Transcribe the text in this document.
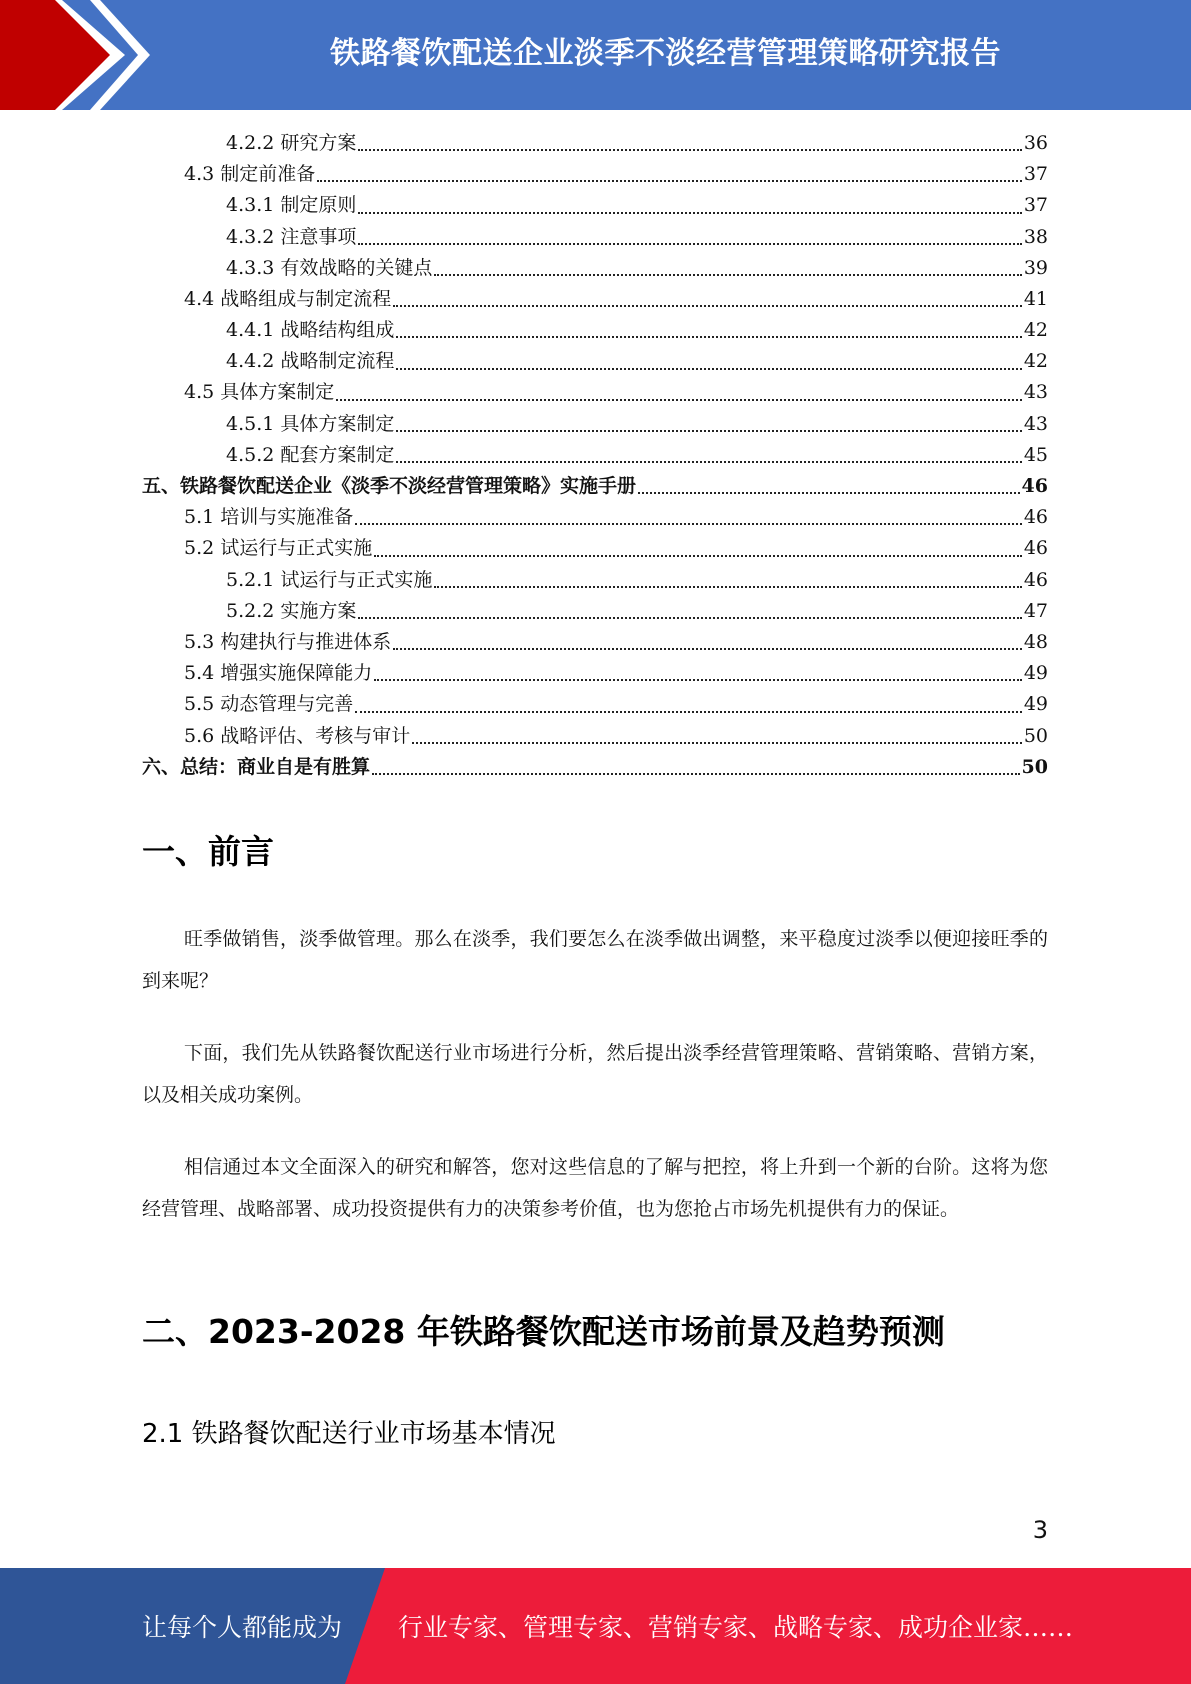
铁路餐饮配送企业淡季不淡经营管理策略研究报告
4.2.2 研究方案	36
4.3 制定前准备	37
4.3.1 制定原则	37
4.3.2 注意事项	38
4.3.3 有效战略的关键点	39
4.4 战略组成与制定流程	41
4.4.1 战略结构组成	42
4.4.2 战略制定流程	42
4.5 具体方案制定	43
4.5.1 具体方案制定	43
4.5.2 配套方案制定	45
五、铁路餐饮配送企业《淡季不淡经营管理策略》实施手册	46
5.1 培训与实施准备	46
5.2 试运行与正式实施	46
5.2.1 试运行与正式实施	46
5.2.2 实施方案	47
5.3 构建执行与推进体系	48
5.4 增强实施保障能力	49
5.5 动态管理与完善	49
5.6 战略评估、考核与审计	50
六、总结：商业自是有胜算	50
一、前言
旺季做销售，淡季做管理。那么在淡季，我们要怎么在淡季做出调整，来平稳度过淡季以便迎接旺季的到来呢？
下面，我们先从铁路餐饮配送行业市场进行分析，然后提出淡季经营管理策略、营销策略、营销方案，以及相关成功案例。
相信通过本文全面深入的研究和解答，您对这些信息的了解与把控，将上升到一个新的台阶。这将为您经营管理、战略部署、成功投资提供有力的决策参考价值，也为您抢占市场先机提供有力的保证。
二、2023-2028 年铁路餐饮配送市场前景及趋势预测
2.1 铁路餐饮配送行业市场基本情况
3
让每个人都能成为 行业专家、管理专家、营销专家、战略专家、成功企业家……
